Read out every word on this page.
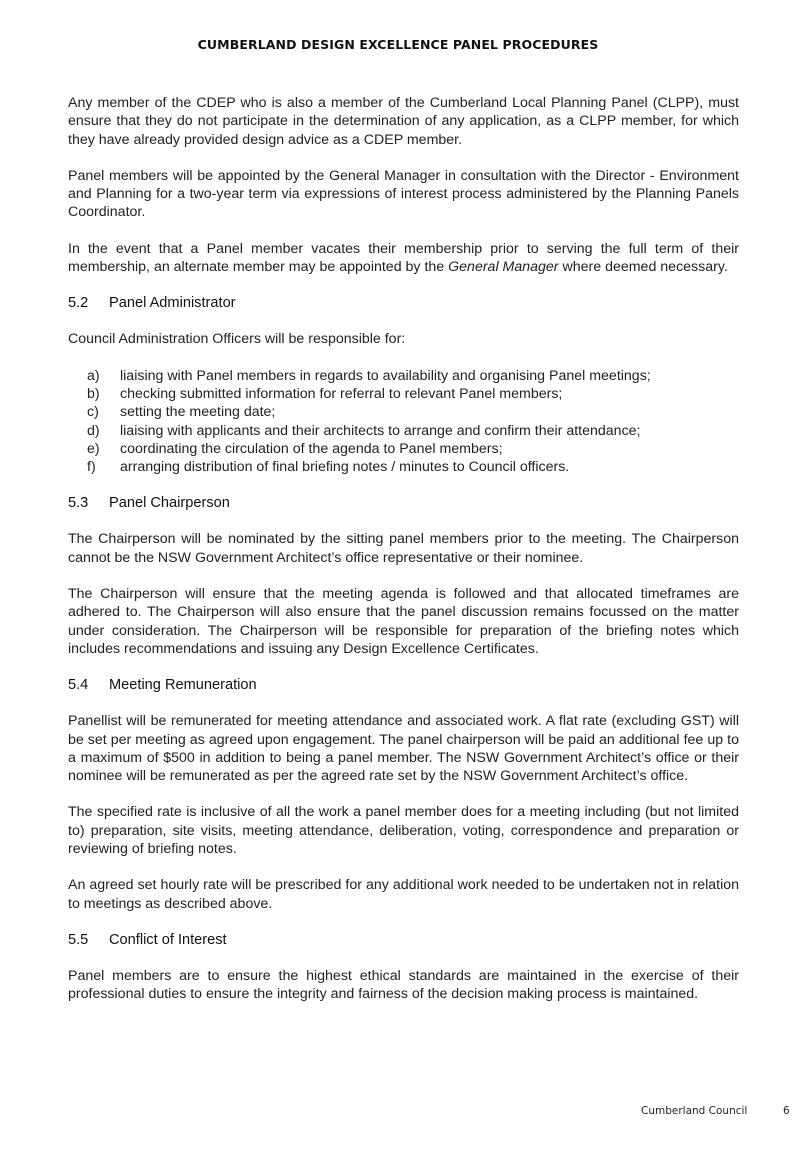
CUMBERLAND DESIGN EXCELLENCE PANEL PROCEDURES

Any member of the CDEP who is also a member of the Cumberland Local Planning Panel (CLPP), must ensure that they do not participate in the determination of any application, as a CLPP member, for which they have already provided design advice as a CDEP member.

Panel members will be appointed by the General Manager in consultation with the Director - Environment and Planning for a two-year term via expressions of interest process administered by the Planning Panels Coordinator.

In the event that a Panel member vacates their membership prior to serving the full term of their membership, an alternate member may be appointed by the General Manager where deemed necessary.

5.2 Panel Administrator

Council Administration Officers will be responsible for:

a) liaising with Panel members in regards to availability and organising Panel meetings;
b) checking submitted information for referral to relevant Panel members;
c) setting the meeting date;
d) liaising with applicants and their architects to arrange and confirm their attendance;
e) coordinating the circulation of the agenda to Panel members;
f) arranging distribution of final briefing notes / minutes to Council officers.
5.3 Panel Chairperson

The Chairperson will be nominated by the sitting panel members prior to the meeting. The Chairperson cannot be the NSW Government Architect’s office representative or their nominee.

The Chairperson will ensure that the meeting agenda is followed and that allocated timeframes are adhered to. The Chairperson will also ensure that the panel discussion remains focussed on the matter under consideration. The Chairperson will be responsible for preparation of the briefing notes which includes recommendations and issuing any Design Excellence Certificates.

5.4 Meeting Remuneration

Panellist will be remunerated for meeting attendance and associated work. A flat rate (excluding GST) will be set per meeting as agreed upon engagement. The panel chairperson will be paid an additional fee up to a maximum of $500 in addition to being a panel member. The NSW Government Architect’s office or their nominee will be remunerated as per the agreed rate set by the NSW Government Architect’s office.

The specified rate is inclusive of all the work a panel member does for a meeting including (but not limited to) preparation, site visits, meeting attendance, deliberation, voting, correspondence and preparation or reviewing of briefing notes.

An agreed set hourly rate will be prescribed for any additional work needed to be undertaken not in relation to meetings as described above.

5.5 Conflict of Interest

Panel members are to ensure the highest ethical standards are maintained in the exercise of their professional duties to ensure the integrity and fairness of the decision making process is maintained.

Cumberland Council	6
